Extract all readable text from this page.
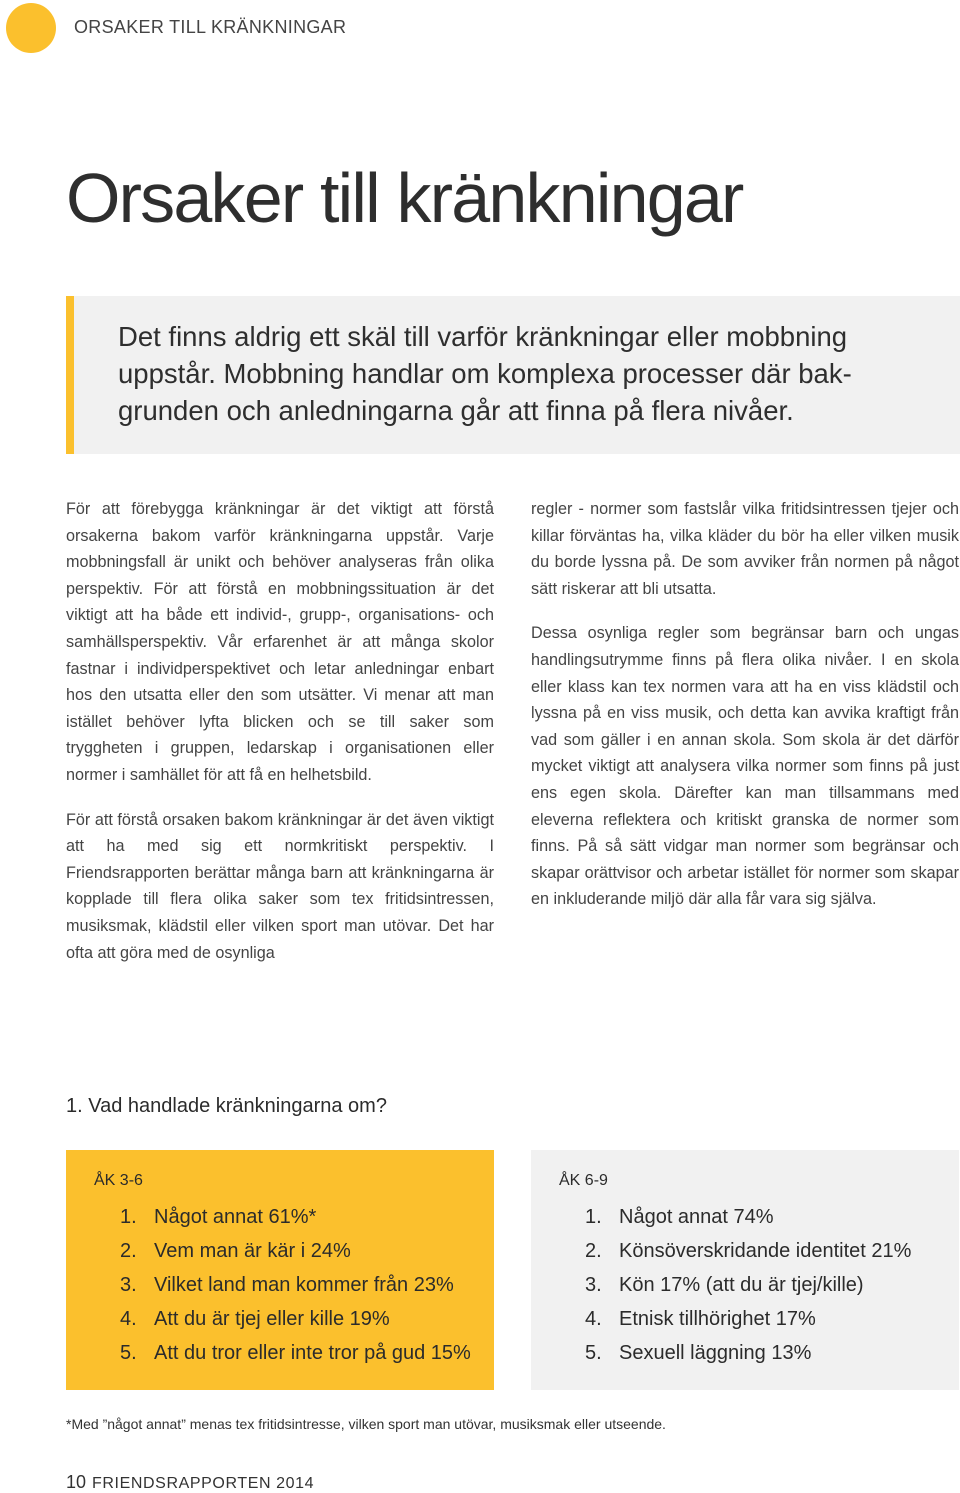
ORSAKER TILL KRÄNKNINGAR
Orsaker till kränkningar

Det finns aldrig ett skäl till varför kränkningar eller mobbning uppstår. Mobbning handlar om komplexa processer där bak-grunden och anledningarna går att finna på flera nivåer.

För att förebygga kränkningar är det viktigt att förstå orsakerna bakom varför kränkningarna uppstår. Varje mobbningsfall är unikt och behöver analyseras från olika perspektiv. För att förstå en mobbningssituation är det viktigt att ha både ett individ-, grupp-, organisations- och samhällsperspektiv. Vår erfarenhet är att många skolor fastnar i individperspektivet och letar anledningar enbart hos den utsatta eller den som utsätter. Vi menar att man istället behöver lyfta blicken och se till saker som tryggheten i gruppen, ledarskap i organisationen eller normer i samhället för att få en helhetsbild.

För att förstå orsaken bakom kränkningar är det även viktigt att ha med sig ett normkritiskt perspektiv. I Friendsrapporten berättar många barn att kränkningarna är kopplade till flera olika saker som tex fritidsintressen, musiksmak, klädstil eller vilken sport man utövar. Det har ofta att göra med de osynliga

regler - normer som fastslår vilka fritidsintressen tjejer och killar förväntas ha, vilka kläder du bör ha eller vilken musik du borde lyssna på. De som avviker från normen på något sätt riskerar att bli utsatta.

Dessa osynliga regler som begränsar barn och ungas handlingsutrymme finns på flera olika nivåer. I en skola eller klass kan tex normen vara att ha en viss klädstil och lyssna på en viss musik, och detta kan avvika kraftigt från vad som gäller i en annan skola. Som skola är det därför mycket viktigt att analysera vilka normer som finns på just ens egen skola. Därefter kan man tillsammans med eleverna reflektera och kritiskt granska de normer som finns. På så sätt vidgar man normer som begränsar och skapar orättvisor och arbetar istället för normer som skapar en inkluderande miljö där alla får vara sig själva.

1. Vad handlade kränkningarna om?
ÅK 3-6
1. Något annat 61%*
2. Vem man är kär i 24%
3. Vilket land man kommer från 23%
4. Att du är tjej eller kille 19%
5. Att du tror eller inte tror på gud 15%
ÅK 6-9
1. Något annat 74%
2. Könsöverskridande identitet 21%
3. Kön 17% (att du är tjej/kille)
4. Etnisk tillhörighet 17%
5. Sexuell läggning 13%
*Med ”något annat” menas tex fritidsintresse, vilken sport man utövar, musiksmak eller utseende.
10 FRIENDSRAPPORTEN 2014
